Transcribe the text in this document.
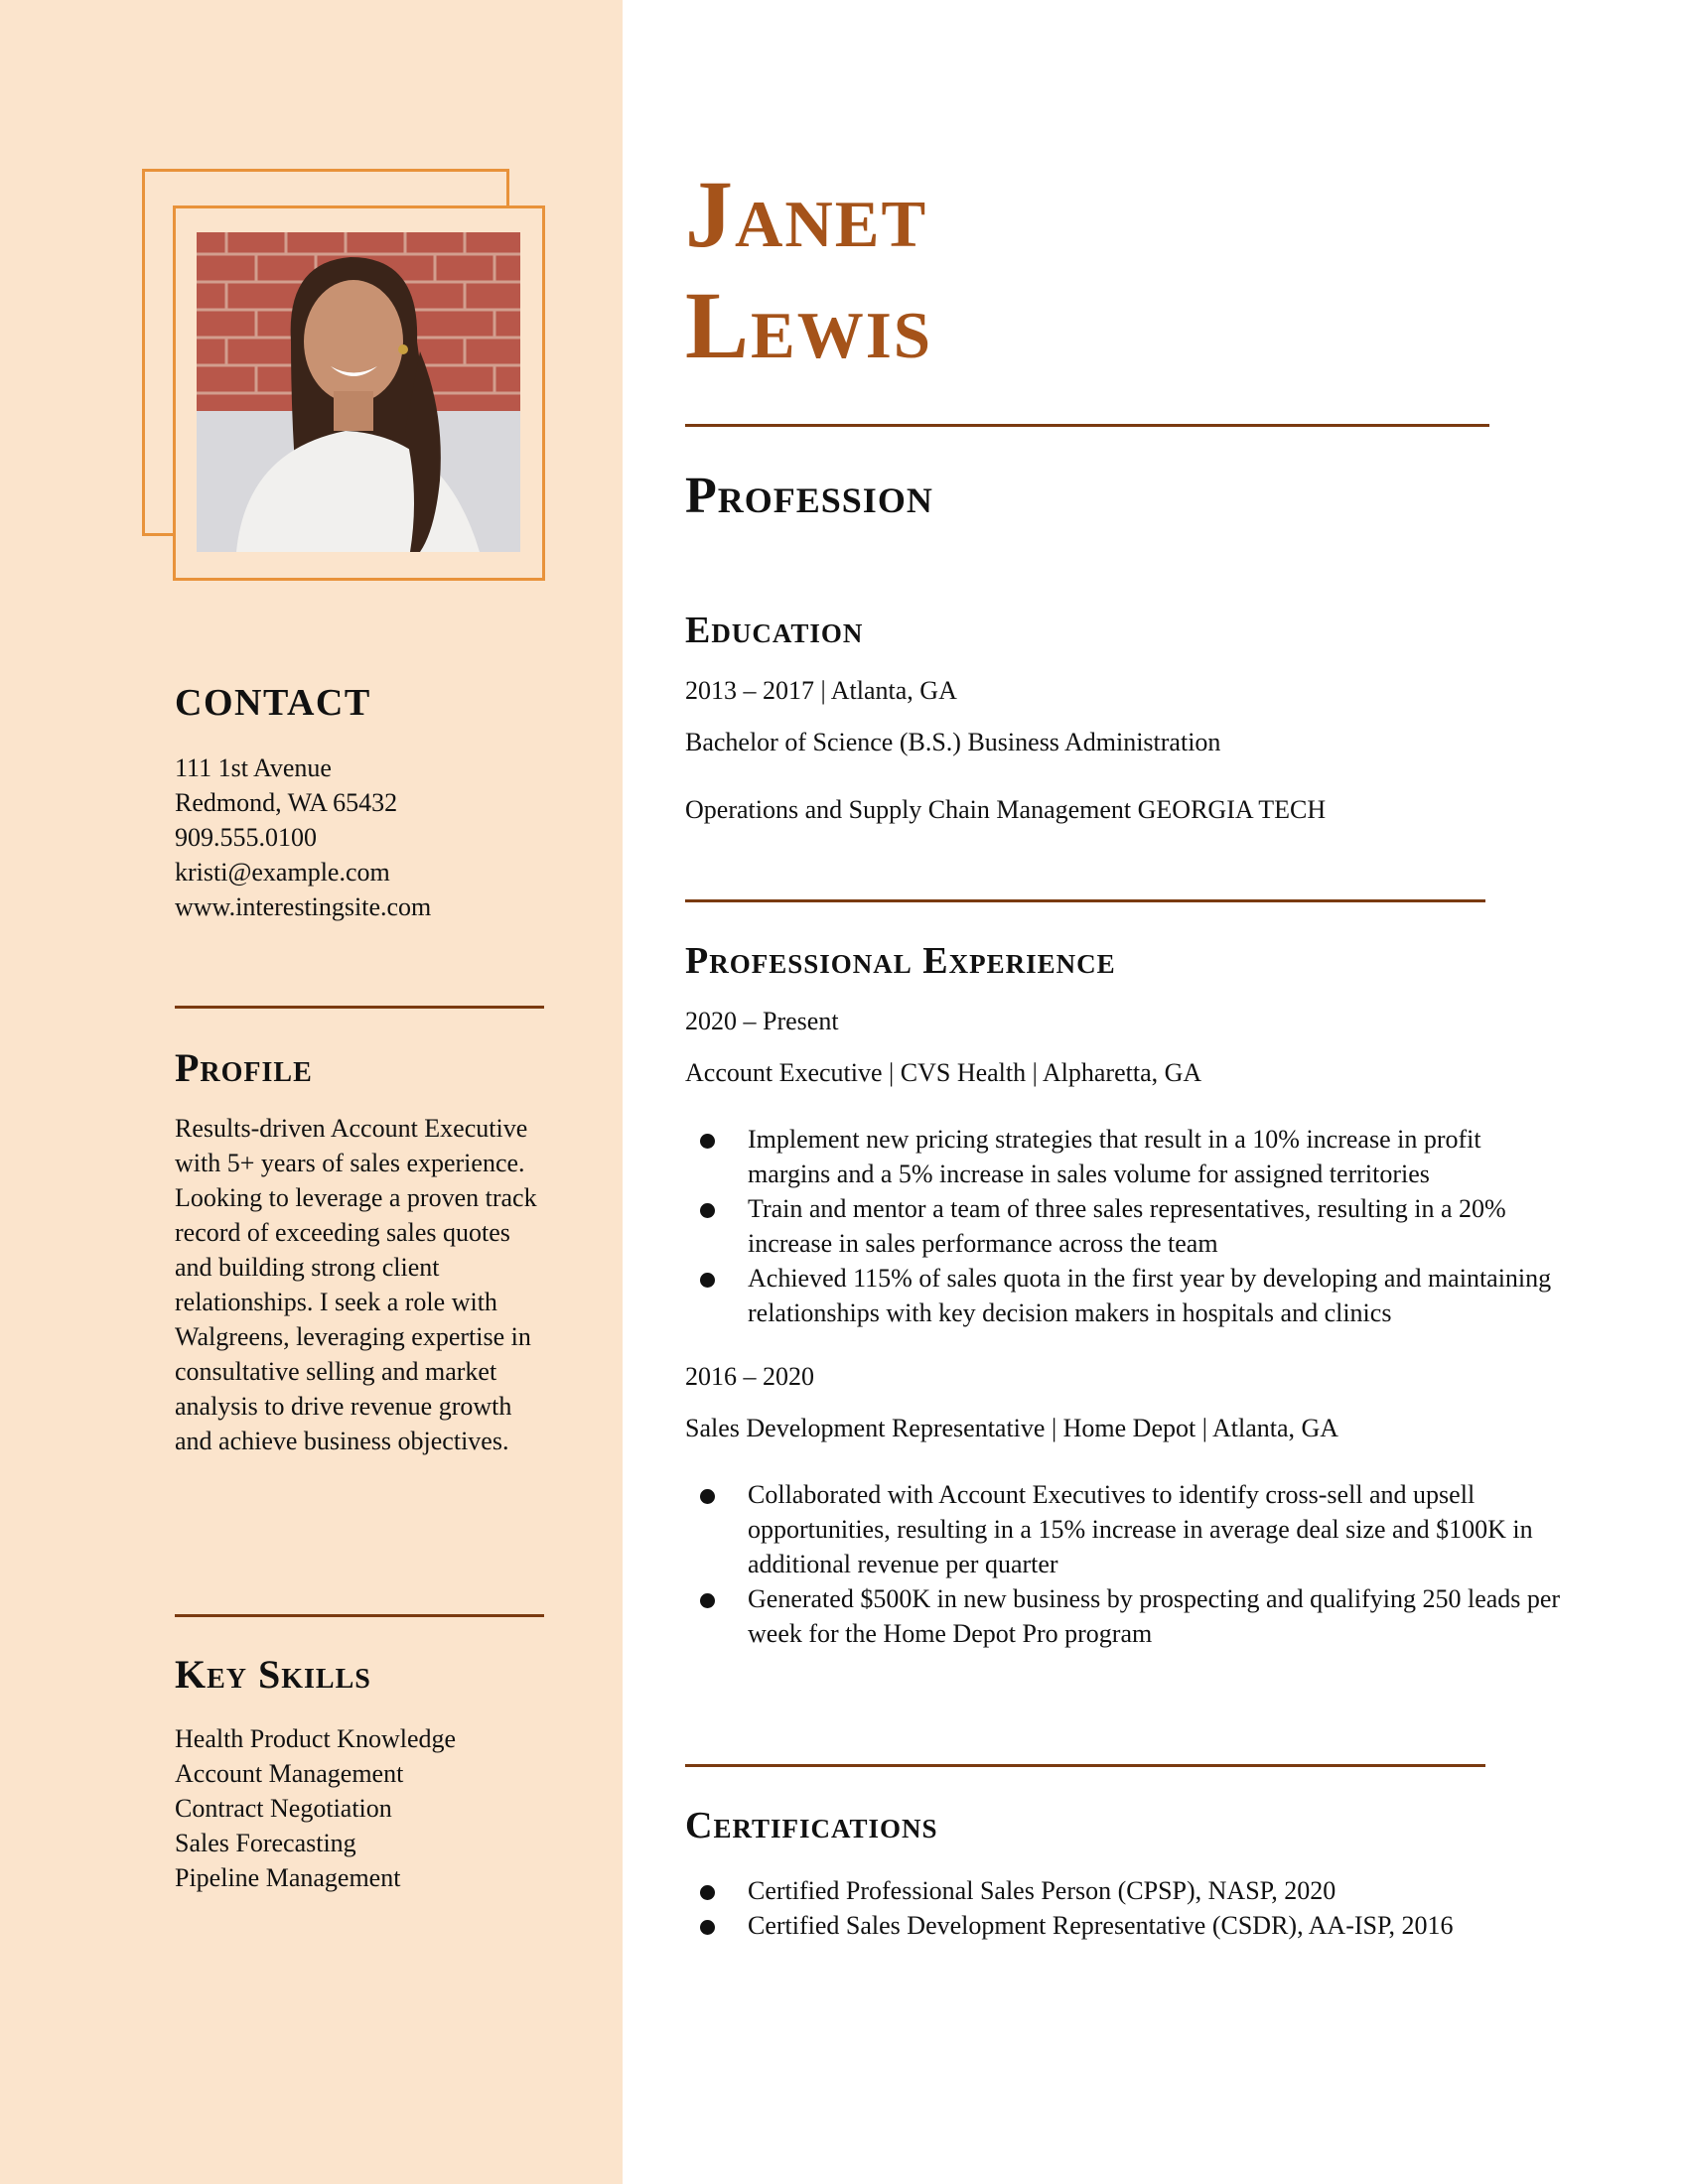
CONTACT

111 1st Avenue

Redmond, WA 65432

909.555.0100

kristi@example.com

www.interestingsite.com

Profile

Results-driven Account Executive with 5+ years of sales experience. Looking to leverage a proven track record of exceeding sales quotes and building strong client relationships. I seek a role with Walgreens, leveraging expertise in consultative selling and market analysis to drive revenue growth and achieve business objectives.

Key Skills

Health Product Knowledge

Account Management

Contract Negotiation

Sales Forecasting

Pipeline Management

Janet
Lewis
Profession
Education

2013 – 2017 | Atlanta, GA

Bachelor of Science (B.S.) Business Administration

Operations and Supply Chain Management GEORGIA TECH

Professional Experience

2020 – Present

Account Executive | CVS Health | Alpharetta, GA

Implement new pricing strategies that result in a 10% increase in profit margins and a 5% increase in sales volume for assigned territories
Train and mentor a team of three sales representatives, resulting in a 20% increase in sales performance across the team
Achieved 115% of sales quota in the first year by developing and maintaining relationships with key decision makers in hospitals and clinics

2016 – 2020

Sales Development Representative | Home Depot | Atlanta, GA

Collaborated with Account Executives to identify cross-sell and upsell opportunities, resulting in a 15% increase in average deal size and $100K in additional revenue per quarter
Generated $500K in new business by prospecting and qualifying 250 leads per week for the Home Depot Pro program
Certifications
Certified Professional Sales Person (CPSP), NASP, 2020
Certified Sales Development Representative (CSDR), AA-ISP, 2016
